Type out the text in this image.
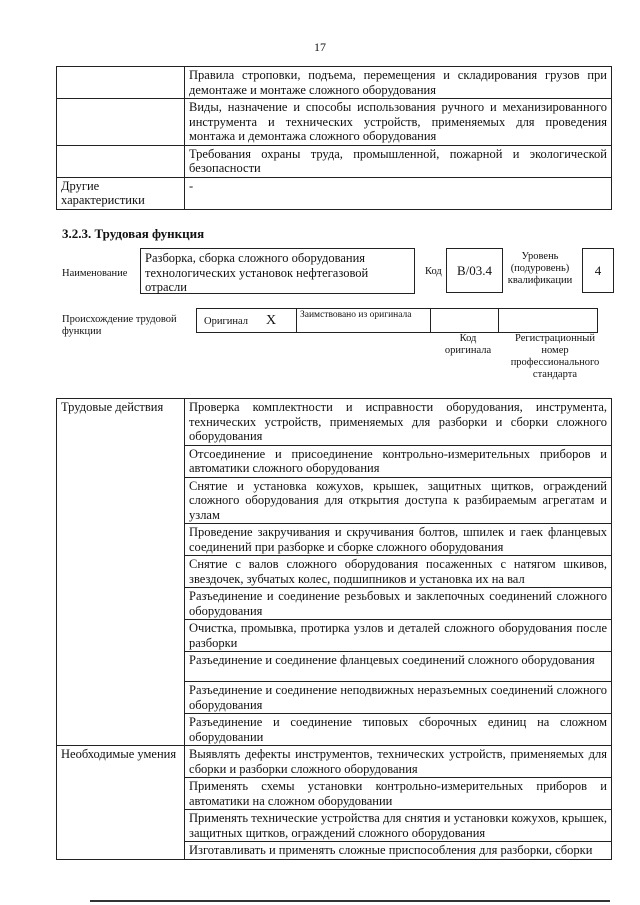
17
	Правила строповки, подъема, перемещения и складирования грузов при демонтаже и монтаже сложного оборудования
	Виды, назначение и способы использования ручного и механизированного инструмента и технических устройств, применяемых для проведения монтажа и демонтажа сложного оборудования
	Требования охраны труда, промышленной, пожарной и экологической безопасности
Другие характеристики	-
3.2.3. Трудовая функция
Наименование
Разборка, сборка сложного оборудования технологических установок нефтегазовой отрасли
Код	В/03.4
Уровень (подуровень) квалификации
4
Происхождение трудовой функции
Оригинал X	Заимствовано из оригинала
Код оригинала
Регистрационный номер профессионального стандарта
Трудовые действия	Проверка комплектности и исправности оборудования, инструмента, технических устройств, применяемых для разборки и сборки сложного оборудования
	Отсоединение и присоединение контрольно-измерительных приборов и автоматики сложного оборудования
	Снятие и установка кожухов, крышек, защитных щитков, ограждений сложного оборудования для открытия доступа к разбираемым агрегатам и узлам
	Проведение закручивания и скручивания болтов, шпилек и гаек фланцевых соединений при разборке и сборке сложного оборудования
	Снятие с валов сложного оборудования посаженных с натягом шкивов, звездочек, зубчатых колес, подшипников и установка их на вал
	Разъединение и соединение резьбовых и заклепочных соединений сложного оборудования
	Очистка, промывка, протирка узлов и деталей сложного оборудования после разборки
	Разъединение и соединение фланцевых соединений сложного оборудования
	Разъединение и соединение неподвижных неразъемных соединений сложного оборудования
	Разъединение и соединение типовых сборочных единиц на сложном оборудовании
Необходимые умения	Выявлять дефекты инструментов, технических устройств, применяемых для сборки и разборки сложного оборудования
	Применять схемы установки контрольно-измерительных приборов и автоматики на сложном оборудовании
	Применять технические устройства для снятия и установки кожухов, крышек, защитных щитков, ограждений сложного оборудования
	Изготавливать и применять сложные приспособления для разборки, сборки
